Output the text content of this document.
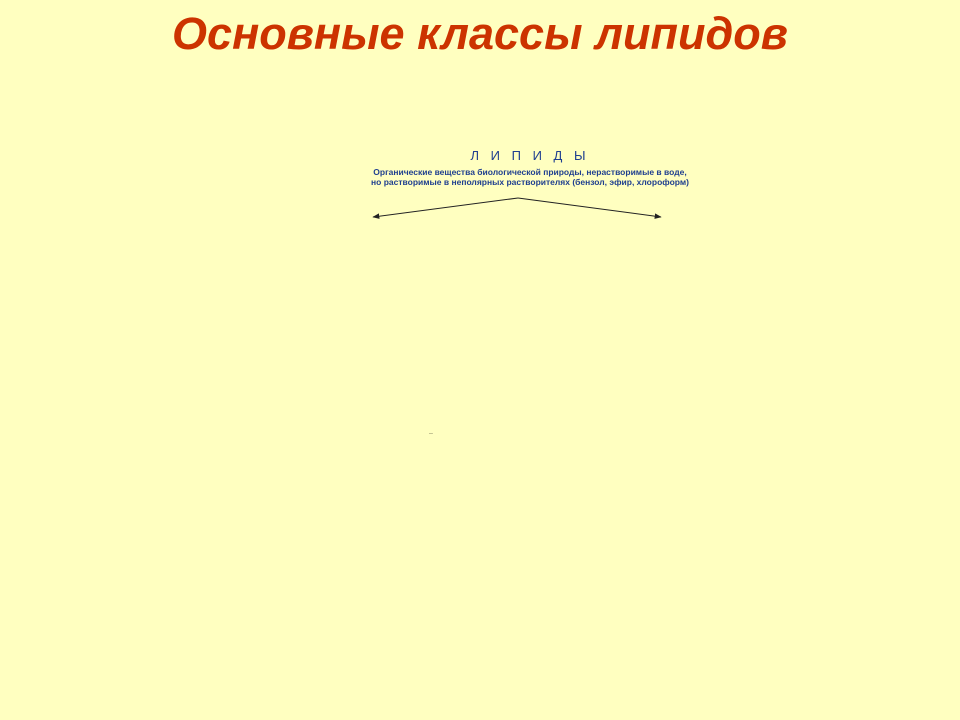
Основные классы липидов
Л И П И Д Ы
Органические вещества биологической природы, нерастворимые в воде,
но растворимые в неполярных растворителях (бензол, эфир, хлороформ)
–
